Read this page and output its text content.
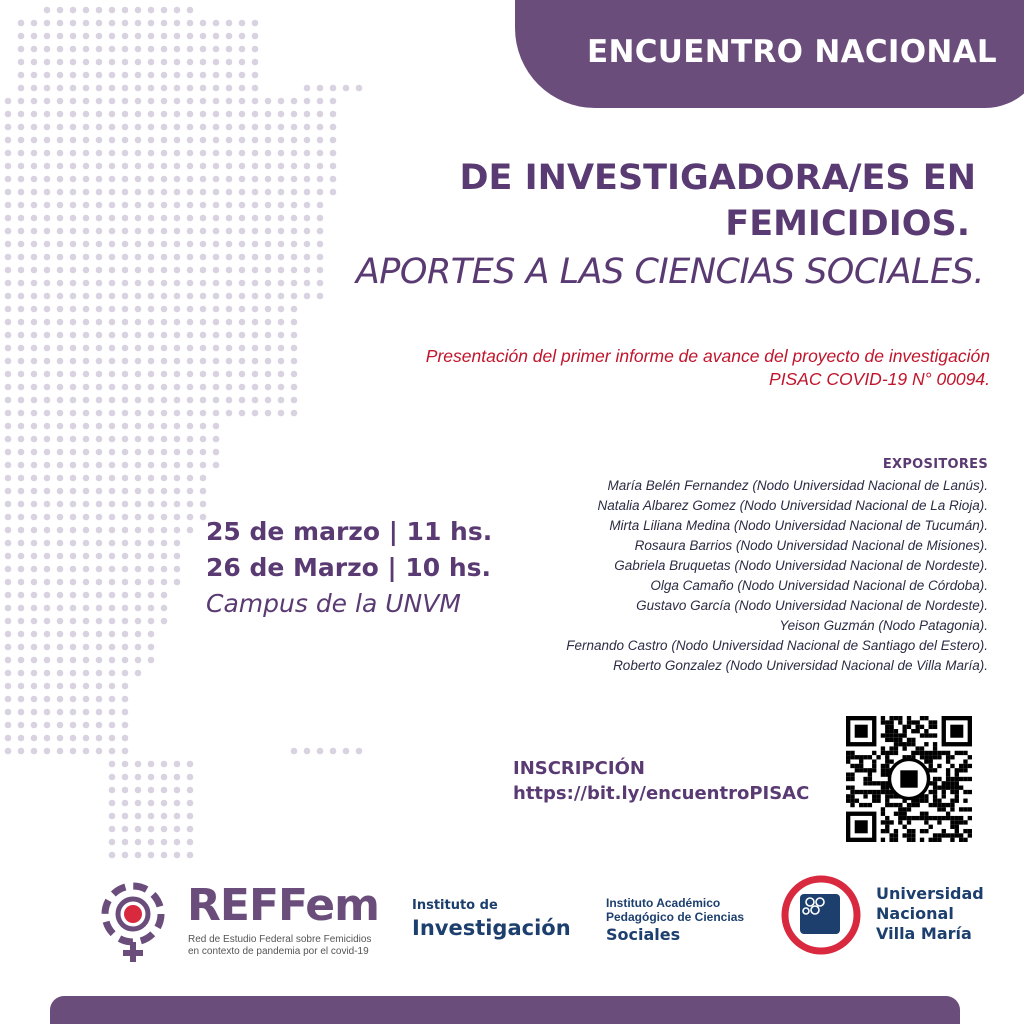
ENCUENTRO NACIONAL
DE INVESTIGADORA/ES EN
FEMICIDIOS.
APORTES A LAS CIENCIAS SOCIALES.
Presentación del primer informe de avance del proyecto de investigación
PISAC COVID-19 N° 00094.
25 de marzo | 11 hs.
26 de Marzo | 10 hs.
Campus de la UNVM
EXPOSITORES
María Belén Fernandez (Nodo Universidad Nacional de Lanús).
Natalia Albarez Gomez (Nodo Universidad Nacional de La Rioja).
Mirta Liliana Medina (Nodo Universidad Nacional de Tucumán).
Rosaura Barrios (Nodo Universidad Nacional de Misiones).
Gabriela Bruquetas (Nodo Universidad Nacional de Nordeste).
Olga Camaño (Nodo Universidad Nacional de Córdoba).
Gustavo García (Nodo Universidad Nacional de Nordeste).
Yeison Guzmán (Nodo Patagonia).
Fernando Castro (Nodo Universidad Nacional de Santiago del Estero).
Roberto Gonzalez (Nodo Universidad Nacional de Villa María).
INSCRIPCIÓN
https://bit.ly/encuentroPISAC
REFFem
Red de Estudio Federal sobre Femicidios
en contexto de pandemia por el covid-19
Instituto de
Investigación
Instituto Académico
Pedagógico de Ciencias
Sociales
Universidad
Nacional
Villa María
